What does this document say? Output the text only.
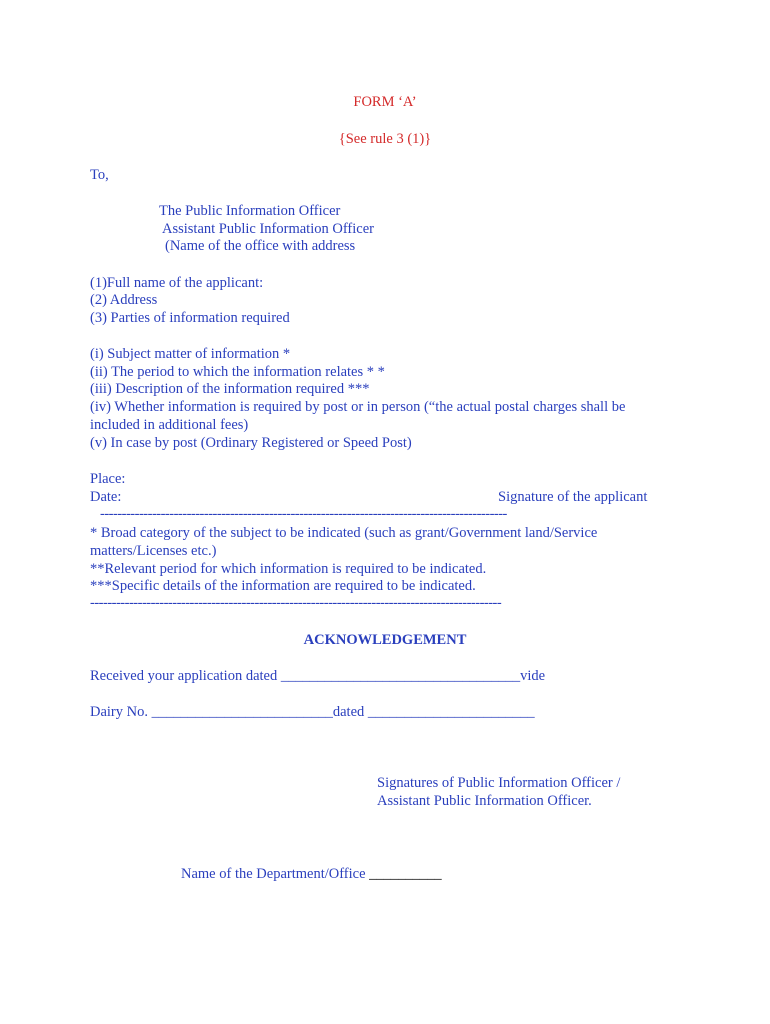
FORM ‘A’
{See rule 3 (1)}
To,
The Public Information Officer
Assistant Public Information Officer
(Name of the office with address
(1)Full name of the applicant:
(2) Address
(3) Parties of information required
(i) Subject matter of information *
(ii) The period to which the information relates * *
(iii) Description of the information required ***
(iv) Whether information is required by post or in person (“the actual postal charges shall be included in additional fees)
(v) In case by post (Ordinary Registered or Speed Post)
Place:
Date:	Signature of the applicant
----------------------------------------------------------------------------------------------
* Broad category of the subject to be indicated (such as grant/Government land/Service matters/Licenses etc.)
**Relevant period for which information is required to be indicated.
***Specific details of the information are required to be indicated.
-----------------------------------------------------------------------------------------------
ACKNOWLEDGEMENT
Received your application dated _________________________________vide
Dairy No. _________________________dated _______________________
Signatures of Public Information Officer /
Assistant Public Information Officer.
Name of the Department/Office __________
